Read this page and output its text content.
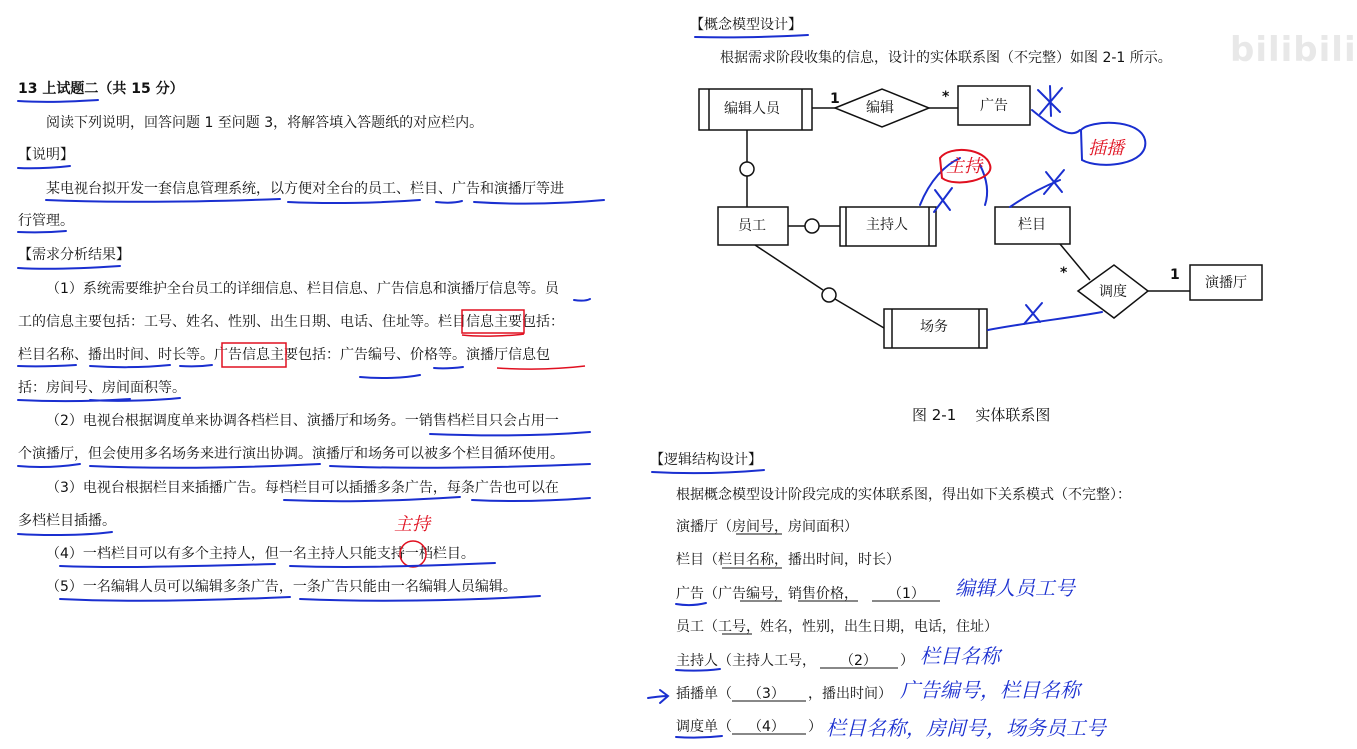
bilibili
13 上试题二（共 15 分）
阅读下列说明，回答问题 1 至问题 3，将解答填入答题纸的对应栏内。
【说明】
某电视台拟开发一套信息管理系统，以方便对全台的员工、栏目、广告和演播厅等进
行管理。
【需求分析结果】
（1）系统需要维护全台员工的详细信息、栏目信息、广告信息和演播厅信息等。员
工的信息主要包括：工号、姓名、性别、出生日期、电话、住址等。栏目信息主要包括：
栏目名称、播出时间、时长等。广告信息主要包括：广告编号、价格等。演播厅信息包
括：房间号、房间面积等。
（2）电视台根据调度单来协调各档栏目、演播厅和场务。一销售档栏目只会占用一
个演播厅，但会使用多名场务来进行演出协调。演播厅和场务可以被多个栏目循环使用。
（3）电视台根据栏目来插播广告。每档栏目可以插播多条广告，每条广告也可以在
多档栏目插播。
（4）一档栏目可以有多个主持人，但一名主持人只能支持一档栏目。
（5）一名编辑人员可以编辑多条广告，一条广告只能由一名编辑人员编辑。
【概念模型设计】
根据需求阶段收集的信息，设计的实体联系图（不完整）如图 2-1 所示。
编辑人员	编辑	广告
1	*
员工	主持人	栏目
调度
演播厅
场务
*	1
图 2-1    实体联系图
【逻辑结构设计】
根据概念模型设计阶段完成的实体联系图，得出如下关系模式（不完整）：
演播厅（房间号，房间面积）
栏目（栏目名称，播出时间，时长）
广告（广告编号，销售价格， （1）
员工（工号，姓名，性别，出生日期，电话，住址）
主持人（主持人工号， （2） ）
插播单（ （3） ，播出时间）
调度单（ （4） ）
编辑人员工号
栏目名称
广告编号，栏目名称
栏目名称，房间号，场务员工号
主持
插播
主持
